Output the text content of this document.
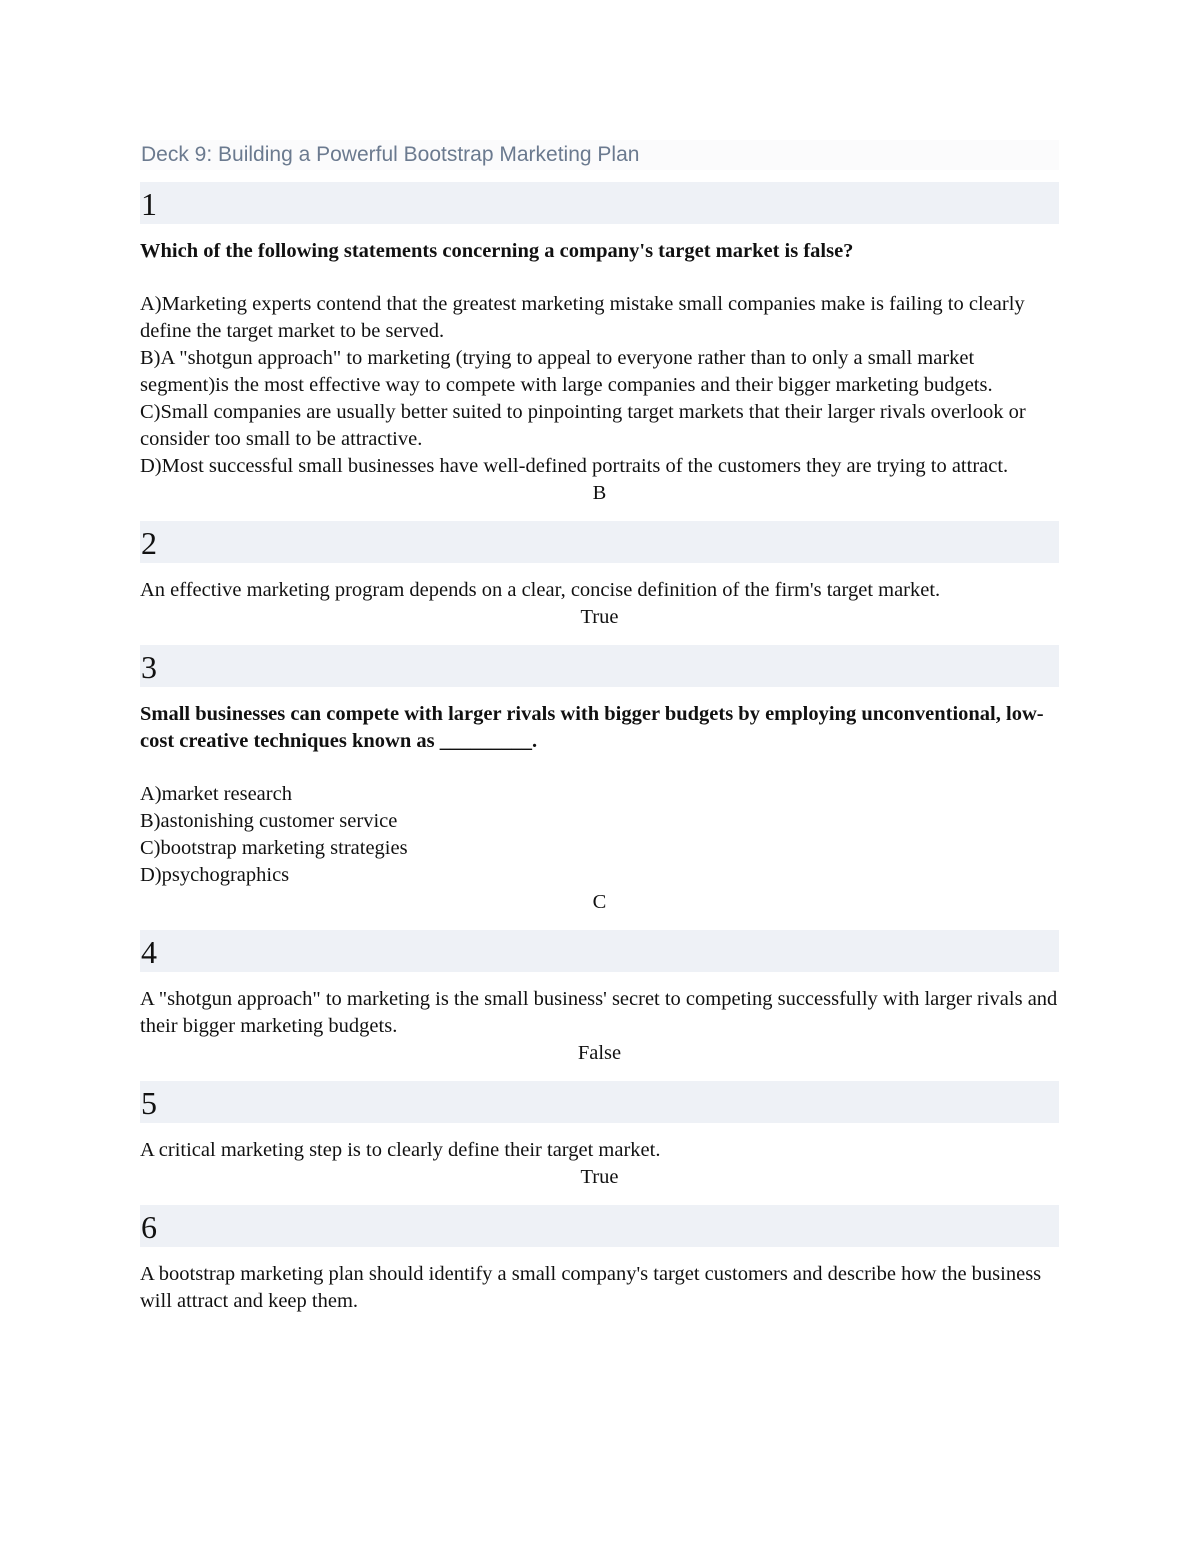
Deck 9: Building a Powerful Bootstrap Marketing Plan
1

Which of the following statements concerning a company's target market is false?

A)Marketing experts contend that the greatest marketing mistake small companies make is failing to clearly define the target market to be served.
B)A "shotgun approach" to marketing (trying to appeal to everyone rather than to only a small market segment)is the most effective way to compete with large companies and their bigger marketing budgets.
C)Small companies are usually better suited to pinpointing target markets that their larger rivals overlook or consider too small to be attractive.
D)Most successful small businesses have well-defined portraits of the customers they are trying to attract.

B

2

An effective marketing program depends on a clear, concise definition of the firm's target market.

True

3

Small businesses can compete with larger rivals with bigger budgets by employing unconventional, low-cost creative techniques known as _________.

A)market research
B)astonishing customer service
C)bootstrap marketing strategies
D)psychographics

C

4

A "shotgun approach" to marketing is the small business' secret to competing successfully with larger rivals and their bigger marketing budgets.

False

5

A critical marketing step is to clearly define their target market.

True

6

A bootstrap marketing plan should identify a small company's target customers and describe how the business will attract and keep them.
